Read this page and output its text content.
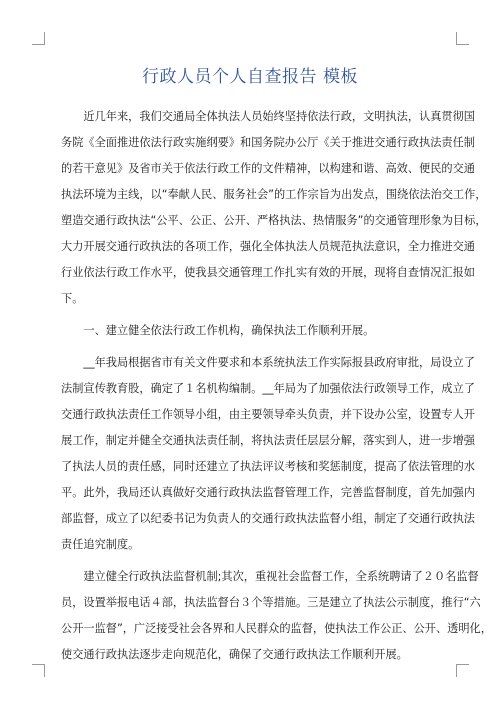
行政人员个人自查报告 模板

　　近几年来，我们交通局全体执法人员始终坚持依法行政，文明执法，认真贯彻国
务院《全面推进依法行政实施纲要》和国务院办公厅《关于推进交通行政执法责任制
的若干意见》及省市关于依法行政工作的文件精神，以构建和谐、高效、便民的交通
执法环境为主线，以“奉献人民、服务社会”的工作宗旨为出发点，围绕依法治交工作，
塑造交通行政执法“公平、公正、公开、严格执法、热情服务”的交通管理形象为目标，
大力开展交通行政执法的各项工作，强化全体执法人员规范执法意识，全力推进交通
行业依法行政工作水平，使我县交通管理工作扎实有效的开展，现将自查情况汇报如
下。

　　一、建立健全依法行政工作机构，确保执法工作顺利开展。

　　__年我局根据省市有关文件要求和本系统执法工作实际报县政府审批，局设立了
法制宣传教育股，确定了１名机构编制。__年局为了加强依法行政领导工作，成立了
交通行政执法责任工作领导小组，由主要领导牵头负责，并下设办公室，设置专人开
展工作，制定并健全交通执法责任制，将执法责任层层分解，落实到人，进一步增强
了执法人员的责任感，同时还建立了执法评议考核和奖惩制度，提高了依法管理的水
平。此外，我局还认真做好交通行政执法监督管理工作，完善监督制度，首先加强内
部监督，成立了以纪委书记为负责人的交通行政执法监督小组，制定了交通行政执法
责任追究制度。

　　建立健全行政执法监督机制;其次，重视社会监督工作，全系统聘请了２０名监督
员，设置举报电话４部，执法监督台３个等措施。三是建立了执法公示制度，推行“六
公开一监督”，广泛接受社会各界和人民群众的监督，使执法工作公正、公开、透明化，
使交通行政执法逐步走向规范化，确保了交通行政执法工作顺利开展。
